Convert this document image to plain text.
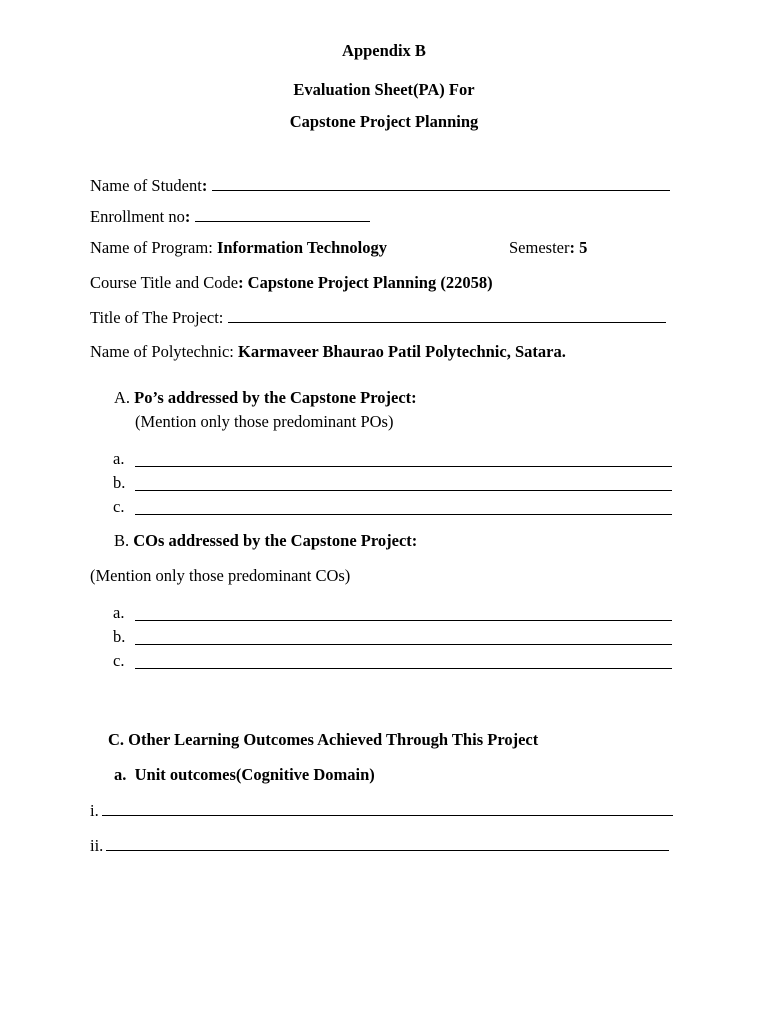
Appendix B
Evaluation Sheet(PA) For
Capstone Project Planning
Name of Student:
Enrollment no:
Name of Program: Information Technology	Semester: 5
Course Title and Code: Capstone Project Planning (22058)
Title of The Project:
Name of Polytechnic: Karmaveer Bhaurao Patil Polytechnic, Satara.
A. Po’s addressed by the Capstone Project:
(Mention only those predominant POs)
a.
b.
c.
B. COs addressed by the Capstone Project:
(Mention only those predominant COs)
a.
b.
c.
C. Other Learning Outcomes Achieved Through This Project
a.  Unit outcomes(Cognitive Domain)
i.
ii.
